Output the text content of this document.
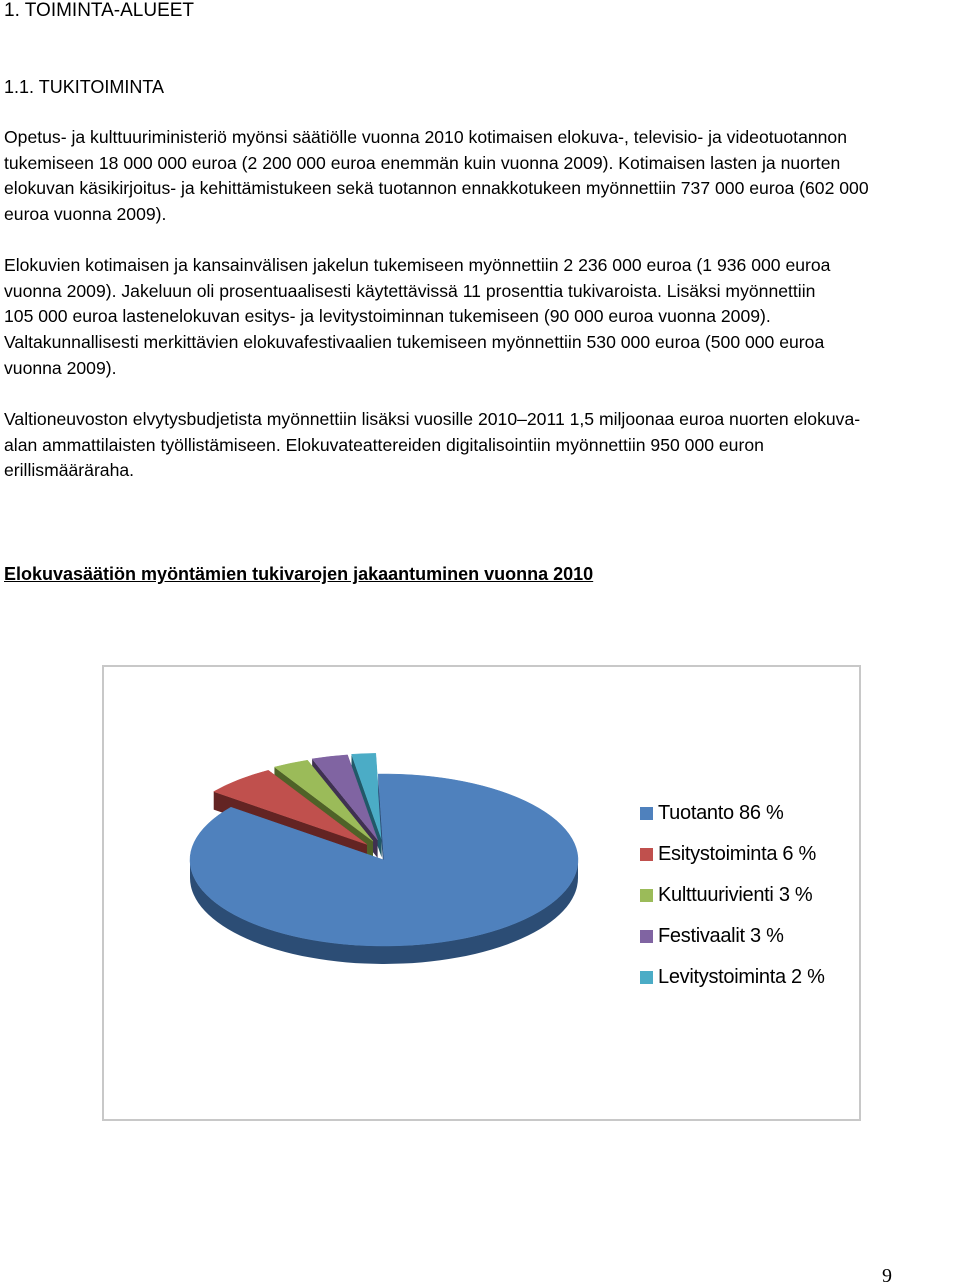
1. TOIMINTA-ALUEET
1.1. TUKITOIMINTA

Opetus- ja kulttuuriministeriö myönsi säätiölle vuonna 2010 kotimaisen elokuva-, televisio- ja videotuotannon
tukemiseen 18 000 000 euroa (2 200 000 euroa enemmän kuin vuonna 2009). Kotimaisen lasten ja nuorten
elokuvan käsikirjoitus- ja kehittämistukeen sekä tuotannon ennakkotukeen myönnettiin 737 000 euroa (602 000
euroa vuonna 2009).

Elokuvien kotimaisen ja kansainvälisen jakelun tukemiseen myönnettiin 2 236 000 euroa (1 936 000 euroa
vuonna 2009). Jakeluun oli prosentuaalisesti käytettävissä 11 prosenttia tukivaroista. Lisäksi myönnettiin
105 000 euroa lastenelokuvan esitys- ja levitystoiminnan tukemiseen (90 000 euroa vuonna 2009).
Valtakunnallisesti merkittävien elokuvafestivaalien tukemiseen myönnettiin 530 000 euroa (500 000 euroa
vuonna 2009).

Valtioneuvoston elvytysbudjetista myönnettiin lisäksi vuosille 2010–2011 1,5 miljoonaa euroa nuorten elokuva-
alan ammattilaisten työllistämiseen. Elokuvateattereiden digitalisointiin myönnettiin 950 000 euron
erillismääräraha.

Elokuvasäätiön myöntämien tukivarojen jakaantuminen vuonna 2010
Tuotanto 86 %
Esitystoiminta 6 %
Kulttuurivienti 3 %
Festivaalit 3 %
Levitystoiminta 2 %
9
